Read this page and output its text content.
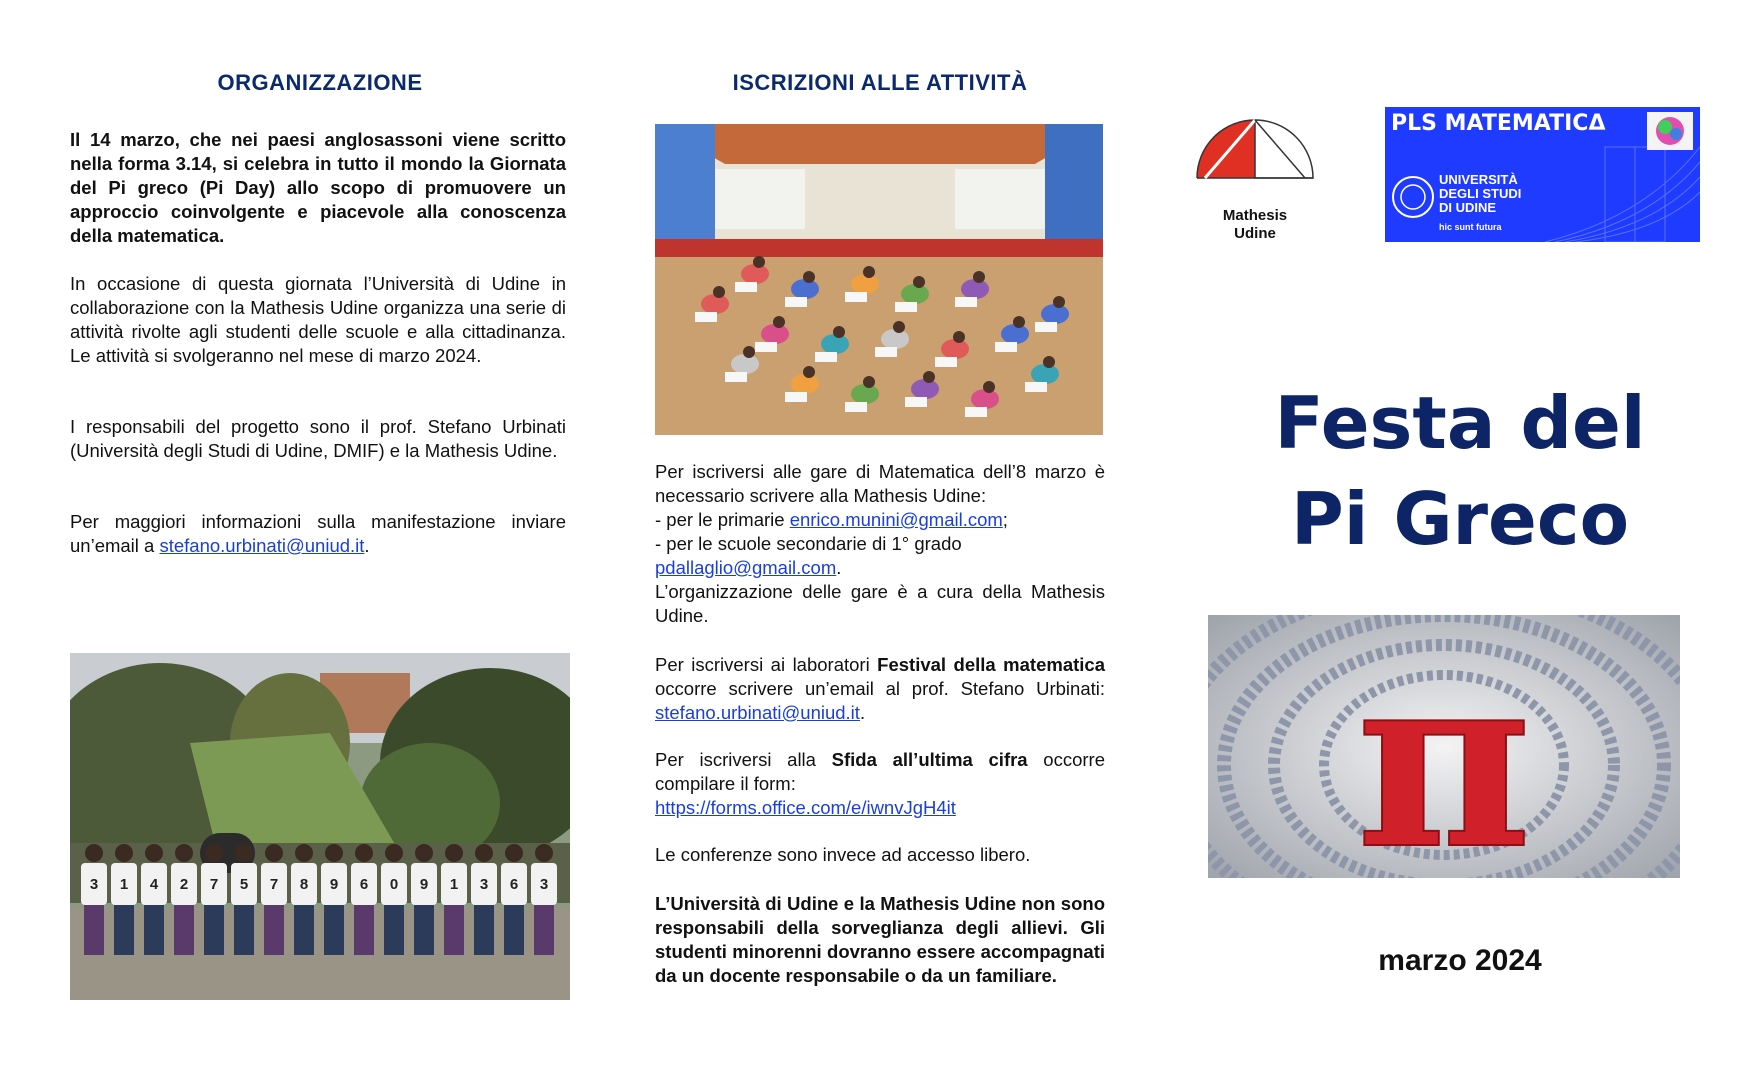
ORGANIZZAZIONE
Il 14 marzo, che nei paesi anglosassoni viene scritto nella forma 3.14, si celebra in tutto il mondo la Giornata del Pi greco (Pi Day) allo scopo di promuovere un approccio coinvolgente e piacevole alla conoscenza della matematica.
In occasione di questa giornata l’Università di Udine in collaborazione con la Mathesis Udine organizza una serie di attività rivolte agli studenti delle scuole e alla cittadinanza. Le attività si svolgeranno nel mese di marzo 2024.
I responsabili del progetto sono il prof. Stefano Urbinati (Università degli Studi di Udine, DMIF) e la Mathesis Udine.
Per maggiori informazioni sulla manifestazione inviare un’email a stefano.urbinati@uniud.it.
3 1 4 2 7 5 7 8 9 6 0 9 1 3 6 3
ISCRIZIONI ALLE ATTIVITÀ
Per iscriversi alle gare di Matematica dell’8 marzo è necessario scrivere alla Mathesis Udine:
- per le primarie enrico.munini@gmail.com;
- per le scuole secondarie di 1° grado
pdallaglio@gmail.com.
L’organizzazione delle gare è a cura della Mathesis Udine.
Per iscriversi ai laboratori Festival della matematica occorre scrivere un’email al prof. Stefano Urbinati: stefano.urbinati@uniud.it.
Per iscriversi alla Sfida all’ultima cifra occorre compilare il form:
https://forms.office.com/e/iwnvJgH4it
Le conferenze sono invece ad accesso libero.
L’Università di Udine e la Mathesis Udine non sono responsabili della sorveglianza degli allievi. Gli studenti minorenni dovranno essere accompagnati da un docente responsabile o da un familiare.
Mathesis
Udine
PLS MATEMATICΔ
UNIVERSITÀ
DEGLI STUDI
DI UDINE
hic sunt futura
Festa del
Pi Greco
π
marzo 2024
